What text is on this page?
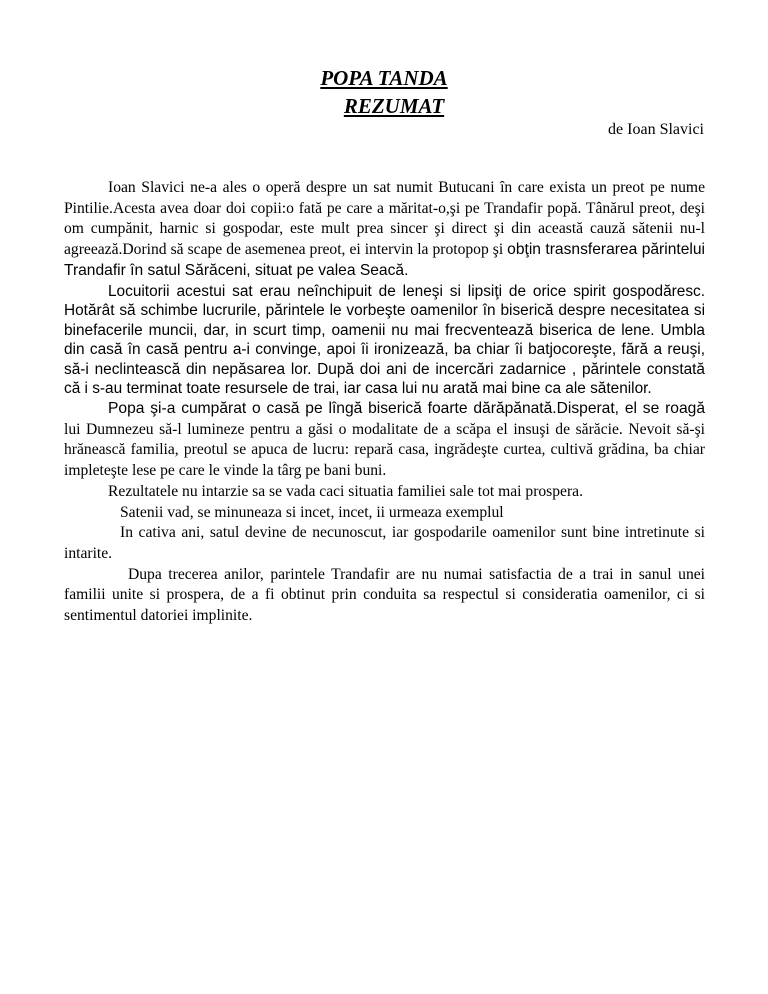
POPA TANDA
REZUMAT

de Ioan Slavici

Ioan Slavici ne-a ales o operă despre un sat numit Butucani în care exista un preot pe nume Pintilie.Acesta avea doar doi copii:o fată pe care a măritat-o,şi pe Trandafir popă. Tânărul preot, deşi om cumpănit, harnic si gospodar, este mult prea sincer şi direct şi din această cauză sătenii nu-l agreează.Dorind să scape de asemenea preot, ei intervin la protopop şi obţin trasnsferarea părintelui Trandafir în satul Sărăceni, situat pe valea Seacă.

Locuitorii acestui sat erau neînchipuit de leneşi si lipsiţi de orice spirit gospodăresc. Hotărât să schimbe lucrurile, părintele le vorbeşte oamenilor în biserică despre necesitatea si binefacerile muncii, dar, in scurt timp, oamenii nu mai frecventează biserica de lene. Umbla din casă în casă pentru a-i convinge, apoi îi ironizează, ba chiar îi batjocoreşte, fără a reuşi, să-i neclintească din nepăsarea lor. După doi ani de incercări zadarnice , părintele constată că i s-au terminat toate resursele de trai, iar casa lui nu arată mai bine ca ale sătenilor.

Popa şi-a cumpărat o casă pe lîngă biserică foarte dărăpănată.Disperat, el se roagă lui Dumnezeu să-l lumineze pentru a găsi o modalitate de a scăpa el insuşi de sărăcie. Nevoit să-şi hrănească familia, preotul se apuca de lucru: repară casa, ingrădeşte curtea, cultivă grădina, ba chiar impleteşte lese pe care le vinde la târg pe bani buni.

Rezultatele nu intarzie sa se vada caci situatia familiei sale tot mai prospera.

Satenii vad, se minuneaza si incet, incet, ii urmeaza exemplul

In cativa ani, satul devine de necunoscut, iar gospodarile oamenilor sunt bine intretinute si intarite.

Dupa trecerea anilor, parintele Trandafir are nu numai satisfactia de a trai in sanul unei familii unite si prospera, de a fi obtinut prin conduita sa respectul si consideratia oamenilor, ci si sentimentul datoriei implinite.
